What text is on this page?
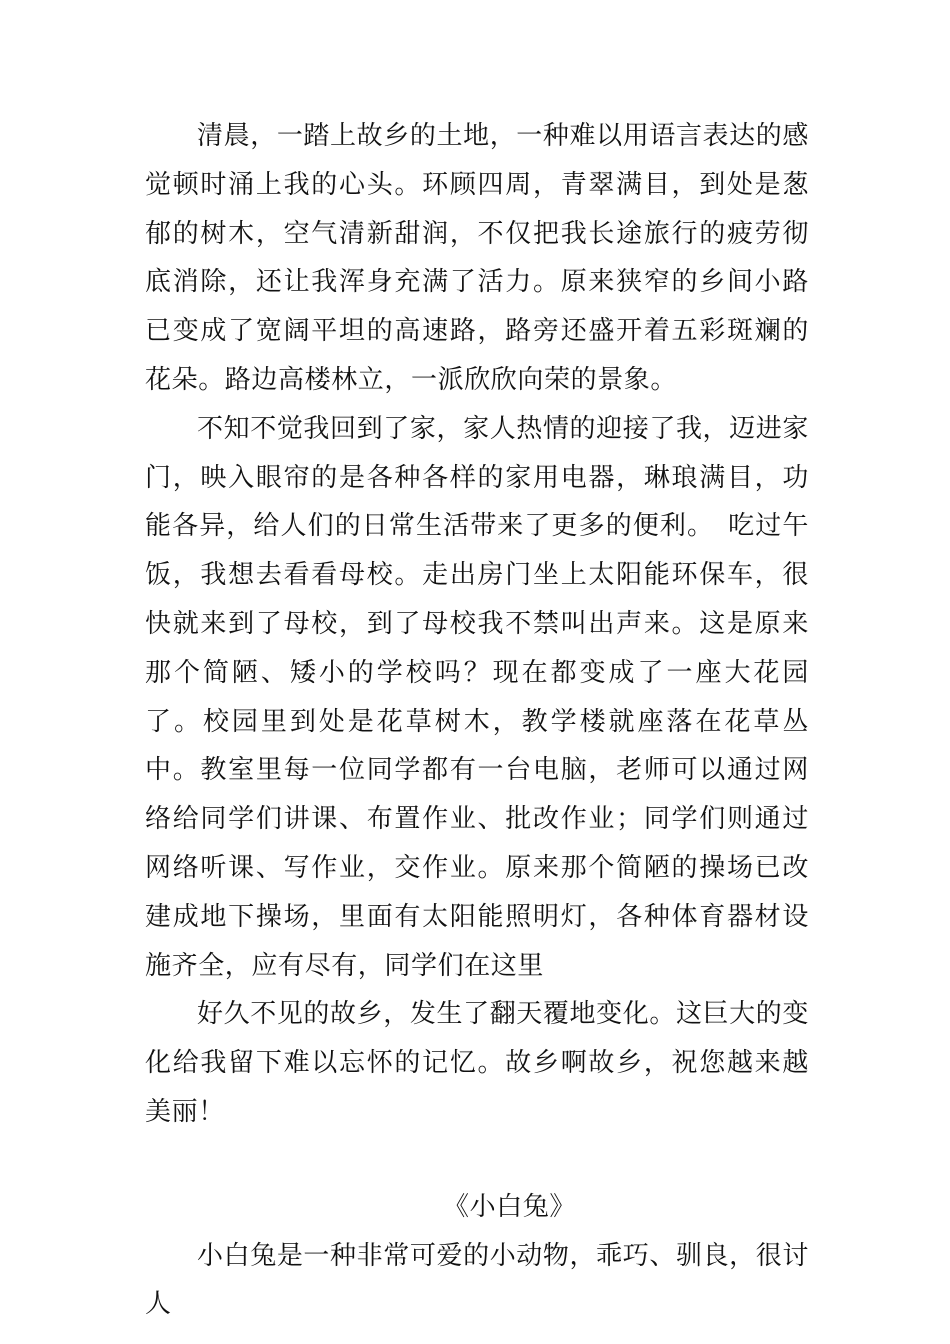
清晨，一踏上故乡的土地，一种难以用语言表达的感觉顿时涌上我的心头。环顾四周，青翠满目，到处是葱郁的树木，空气清新甜润，不仅把我长途旅行的疲劳彻底消除，还让我浑身充满了活力。原来狭窄的乡间小路已变成了宽阔平坦的高速路，路旁还盛开着五彩斑斓的花朵。路边高楼林立，一派欣欣向荣的景象。

不知不觉我回到了家，家人热情的迎接了我，迈进家门，映入眼帘的是各种各样的家用电器，琳琅满目，功能各异，给人们的日常生活带来了更多的便利。　吃过午饭，我想去看看母校。走出房门坐上太阳能环保车，很快就来到了母校，到了母校我不禁叫出声来。这是原来那个简陋、矮小的学校吗？现在都变成了一座大花园了。校园里到处是花草树木，教学楼就座落在花草丛中。教室里每一位同学都有一台电脑，老师可以通过网络给同学们讲课、布置作业、批改作业；同学们则通过网络听课、写作业，交作业。原来那个简陋的操场已改建成地下操场，里面有太阳能照明灯，各种体育器材设施齐全，应有尽有，同学们在这里

好久不见的故乡，发生了翻天覆地变化。这巨大的变化给我留下难以忘怀的记忆。故乡啊故乡，祝您越来越美丽！

《小白兔》

小白兔是一种非常可爱的小动物，乖巧、驯良，很讨人
